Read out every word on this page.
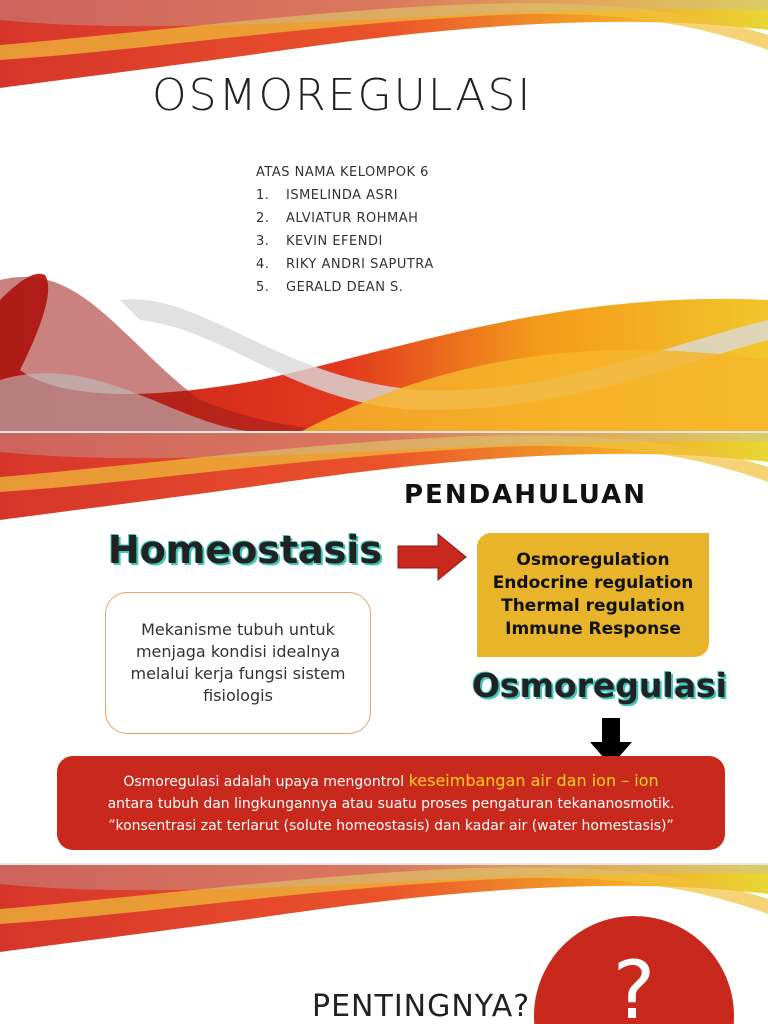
OSMOREGULASI
ATAS NAMA KELOMPOK 6
1. ISMELINDA ASRI
2. ALVIATUR ROHMAH
3. KEVIN EFENDI
4. RIKY ANDRI SAPUTRA
5. GERALD DEAN S.
PENDAHULUAN
Homeostasis	Osmoregulation
Endocrine regulation
Thermal regulation
Immune Response
Mekanisme tubuh untuk menjaga kondisi idealnya melalui kerja fungsi sistem fisiologis	Osmoregulasi
Osmoregulasi adalah upaya mengontrol keseimbangan air dan ion – ion
antara tubuh dan lingkungannya atau suatu proses pengaturan tekananosmotik.
”konsentrasi zat terlarut (solute homeostasis) dan kadar air (water homestasis)”
PENTINGNYA?	?
